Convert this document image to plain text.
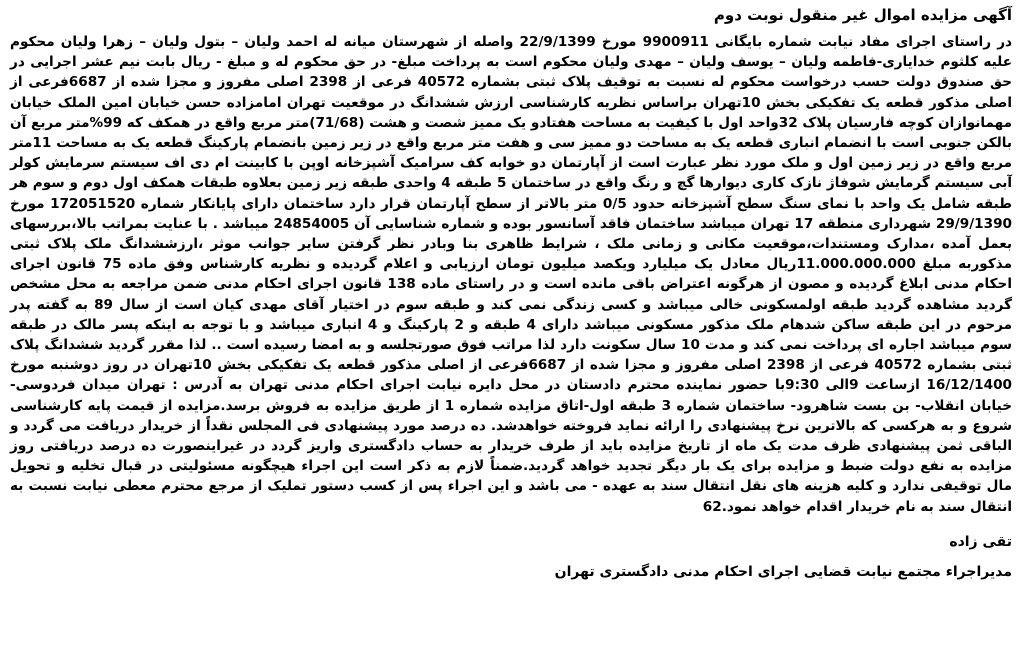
آگهی مزایده اموال غیر منقول نوبت دوم

در راستای اجرای مفاد نیابت شماره بایگانی 9900911 مورخ 22/9/1399 واصله از شهرستان میانه له احمد ولیان – بتول ولیان – زهرا ولیان محکوم علیه کلثوم خدایاری-فاطمه ولیان – یوسف ولیان – مهدی ولیان محکوم است به پرداخت مبلغ- در حق محکوم له و مبلغ - ریال بابت نیم عشر اجرایی در حق صندوق دولت حسب درخواست محکوم له نسبت به توقیف پلاک ثبتی بشماره 40572 فرعی از 2398 اصلی مفروز و مجزا شده از 6687فرعی از اصلی مذکور قطعه یک تفکیکی بخش 10تهران براساس نظریه کارشناسی ارزش ششدانگ در موقعیت تهران امامزاده حسن خیابان امین الملک خیابان مهمانوازان کوچه فارسیان پلاک 32واحد اول با کیفیت به مساحت هفتادو یک ممیز شصت و هشت (71/68)متر مربع واقع در همکف که 99%متر مربع آن بالکن جنوبی است با انضمام انباری قطعه یک به مساحت دو ممیز سی و هفت متر مربع واقع در زیر زمین بانضمام پارکینگ قطعه یک به مساحت 11متر مربع واقع در زیر زمین اول و ملک مورد نظر عبارت است از آپارتمان دو خوابه کف سرامیک آشپزخانه اوپن با کابینت ام دی اف سیستم سرمایش کولر آبی سیستم گرمایش شوفاژ نازک کاری دیوارها گچ و رنگ واقع در ساختمان 5 طبقه 4 واحدی طبقه زیر زمین بعلاوه طبقات همکف اول دوم و سوم هر طبقه شامل یک واحد با نمای سنگ سطح آشپزخانه حدود 0/5 متر بالاتر از سطح آپارتمان قرار دارد ساختمان دارای پایانکار شماره 172051520 مورخ 29/9/1390 شهرداری منطقه 17 تهران میباشد ساختمان فاقد آسانسور بوده و شماره شناسایی آن 24854005 میباشد . با عنایت بمراتب بالا،بررسهای بعمل آمده ،مدارک ومستندات،موقعیت مکانی و زمانی ملک ، شرایط ظاهری بنا وبادر نظر گرفتن سایر جوانب موثر ،ارزششدانگ ملک پلاک ثبتی مذکوربه مبلغ 11.000.000.000ریال معادل یک میلیارد ویکصد میلیون تومان ارزیابی و اعلام گردیده و نظریه کارشناس وفق ماده 75 قانون اجرای احکام مدنی ابلاغ گردیده و مصون از هرگونه اعتراض باقی مانده است و در راستای ماده 138 قانون اجرای احکام مدنی ضمن مراجعه به محل مشخص گردید مشاهده گردید طبقه اولمسکونی خالی میباشد و کسی زندگی نمی کند و طبقه سوم در اختیار آقای مهدی کیان است از سال 89 به گفته پدر مرحوم در این طبقه ساکن شدهام ملک مذکور مسکونی میباشد دارای 4 طبقه و 2 پارکینگ و 4 انباری میباشد و با توجه به اینکه پسر مالک در طبقه سوم میباشد اجاره ای پرداخت نمی کند و مدت 10 سال سکونت دارد لذا مراتب فوق صورتجلسه و به امضا رسیده است .. لذا مقرر گردید ششدانگ پلاک ثبتی بشماره 40572 فرعی از 2398 اصلی مفروز و مجزا شده از 6687فرعی از اصلی مذکور قطعه یک تفکیکی بخش 10تهران در روز دوشنبه مورخ 16/12/1400 ازساعت 9الی 9:30با حضور نماینده محترم دادستان در محل دایره نیابت اجرای احکام مدنی تهران به آدرس : تهران میدان فردوسی- خیابان انقلاب- بن بست شاهرود- ساختمان شماره 3 طبقه اول-اتاق مزایده شماره 1 از طریق مزایده به فروش برسد.مزایده از قیمت پایه کارشناسی شروع و به هرکسی که بالاترین نرخ پیشنهادی را ارائه نماید فروخته خواهدشد. ده درصد مورد پیشنهادی فی المجلس نقداً از خریدار دریافت می گردد و الباقی ثمن پیشنهادی ظرف مدت یک ماه از تاریخ مزایده باید از طرف خریدار به حساب دادگستری واریز گردد در غیراینصورت ده درصد دریافتی روز مزایده به نفع دولت ضبط و مزایده برای یک بار دیگر تجدید خواهد گردید.ضمناً لازم به ذکر است این اجراء هیچگونه مسئولیتی در قبال تخلیه و تحویل مال توقیفی ندارد و کلیه هزینه های نقل انتقال سند به عهده - می باشد و این اجراء پس از کسب دستور تملیک از مرجع محترم معطی نیابت نسبت به انتقال سند به نام خریدار اقدام خواهد نمود.62

تقی زاده
مدیراجراء مجتمع نیابت قضایی اجرای احکام مدنی دادگستری تهران
